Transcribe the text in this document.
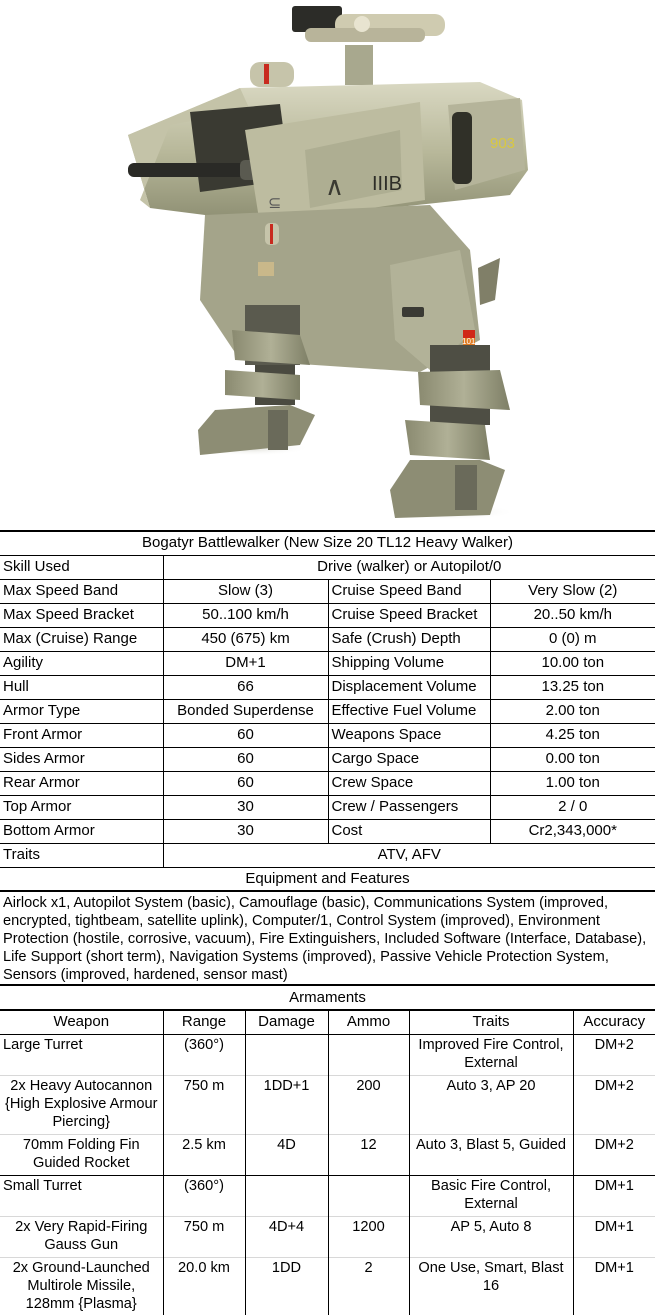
∧ IIIB
⊆
903
101
Bogatyr Battlewalker (New Size 20 TL12 Heavy Walker)			
Skill Used	Drive (walker) or Autopilot/0		
Max Speed Band	Slow (3)	Cruise Speed Band	Very Slow (2)
Max Speed Bracket	50..100 km/h	Cruise Speed Bracket	20..50 km/h
Max (Cruise) Range	450 (675) km	Safe (Crush) Depth	0 (0) m
Agility	DM+1	Shipping Volume	10.00 ton
Hull	66	Displacement Volume	13.25 ton
Armor Type	Bonded Superdense	Effective Fuel Volume	2.00 ton
Front Armor	60	Weapons Space	4.25 ton
Sides Armor	60	Cargo Space	0.00 ton
Rear Armor	60	Crew Space	1.00 ton
Top Armor	30	Crew / Passengers	2 / 0
Bottom Armor	30	Cost	Cr2,343,000*
Traits	ATV, AFV		
Equipment and Features
Airlock x1, Autopilot System (basic), Camouflage (basic), Communications System (improved, encrypted, tightbeam, satellite uplink), Computer/1, Control System (improved), Environment Protection (hostile, corrosive, vacuum), Fire Extinguishers, Included Software (Interface, Database), Life Support (short term), Navigation Systems (improved), Passive Vehicle Protection System, Sensors (improved, hardened, sensor mast)
Armaments
Weapon	Range	Damage	Ammo	Traits	Accuracy
Large Turret	(360°)			Improved Fire Control, External	DM+2
2x Heavy Autocannon {High Explosive Armour Piercing}	750 m	1DD+1	200	Auto 3, AP 20	DM+2
70mm Folding Fin Guided Rocket	2.5 km	4D	12	Auto 3, Blast 5, Guided	DM+2
Small Turret	(360°)			Basic Fire Control, External	DM+1
2x Very Rapid-Firing Gauss Gun	750 m	4D+4	1200	AP 5, Auto 8	DM+1
2x Ground-Launched Multirole Missile, 128mm {Plasma}	20.0 km	1DD	2	One Use, Smart, Blast 16	DM+1
